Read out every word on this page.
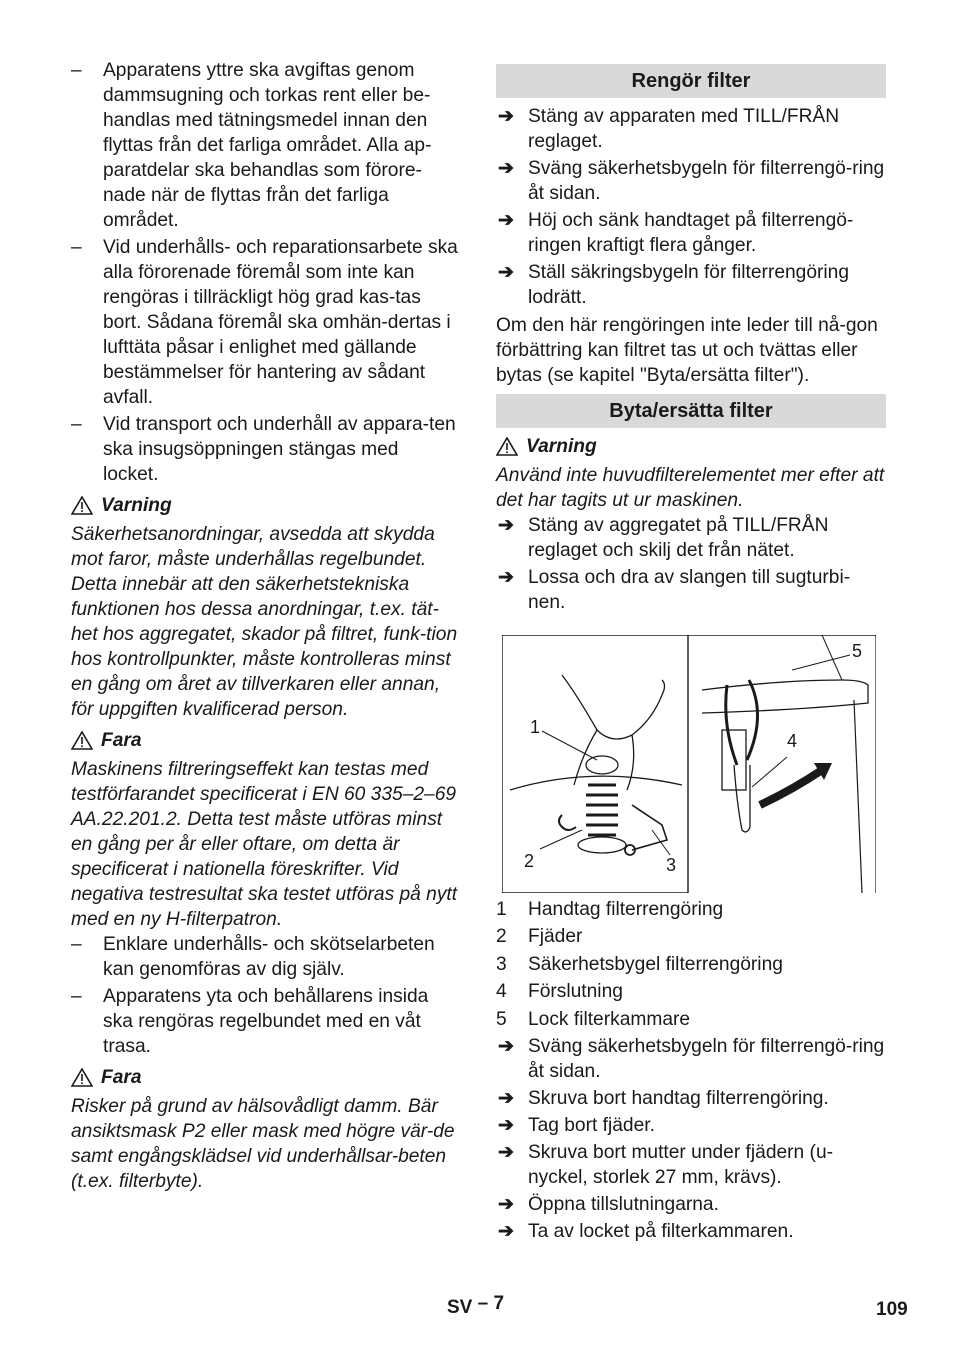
– Apparatens yttre ska avgiftas genom dammsugning och torkas rent eller be-handlas med tätningsmedel innan den flyttas från det farliga området. Alla ap-paratdelar ska behandlas som förore-nade när de flyttas från det farliga området.
– Vid underhålls- och reparationsarbete ska alla förorenade föremål som inte kan rengöras i tillräckligt hög grad kas-tas bort. Sådana föremål ska omhän-dertas i lufttäta påsar i enlighet med gällande bestämmelser för hantering av sådant avfall.
– Vid transport och underhåll av appara-ten ska insugsöppningen stängas med locket.
Varning

Säkerhetsanordningar, avsedda att skydda mot faror, måste underhållas regelbundet. Detta innebär att den säkerhetstekniska funktionen hos dessa anordningar, t.ex. tät-het hos aggregatet, skador på filtret, funk-tion hos kontrollpunkter, måste kontrolleras minst en gång om året av tillverkaren eller annan, för uppgiften kvalificerad person.

Fara

Maskinens filtreringseffekt kan testas med testförfarandet specificerat i EN 60 335–2–69 AA.22.201.2. Detta test måste utföras minst en gång per år eller oftare, om detta är specificerat i nationella föreskrifter. Vid negativa testresultat ska testet utföras på nytt med en ny H-filterpatron.

– Enklare underhålls- och skötselarbeten kan genomföras av dig själv.
– Apparatens yta och behållarens insida ska rengöras regelbundet med en våt trasa.
Fara

Risker på grund av hälsovådligt damm. Bär ansiktsmask P2 eller mask med högre vär-de samt engångsklädsel vid underhållsar-beten (t.ex. filterbyte).

Rengör filter
➔ Stäng av apparaten med TILL/FRÅN reglaget.
➔ Sväng säkerhetsbygeln för filterrengö-ring åt sidan.
➔ Höj och sänk handtaget på filterrengö-ringen kraftigt flera gånger.
➔ Ställ säkringsbygeln för filterrengöring lodrätt.

Om den här rengöringen inte leder till nå-gon förbättring kan filtret tas ut och tvättas eller bytas (se kapitel "Byta/ersätta filter").

Byta/ersätta filter
Varning

Använd inte huvudfilterelementet mer efter att det har tagits ut ur maskinen.

➔ Stäng av aggregatet på TILL/FRÅN reglaget och skilj det från nätet.
➔ Lossa och dra av slangen till sugturbi-nen.
1
2	3
4
5
1 Handtag filterrengöring
2 Fjäder
3 Säkerhetsbygel filterrengöring
4 Förslutning
5 Lock filterkammare
➔ Sväng säkerhetsbygeln för filterrengö-ring åt sidan.
➔ Skruva bort handtag filterrengöring.
➔ Tag bort fjäder.
➔ Skruva bort mutter under fjädern (u-nyckel, storlek 27 mm, krävs).
➔ Öppna tillslutningarna.
➔ Ta av locket på filterkammaren.
SV – 7	109
